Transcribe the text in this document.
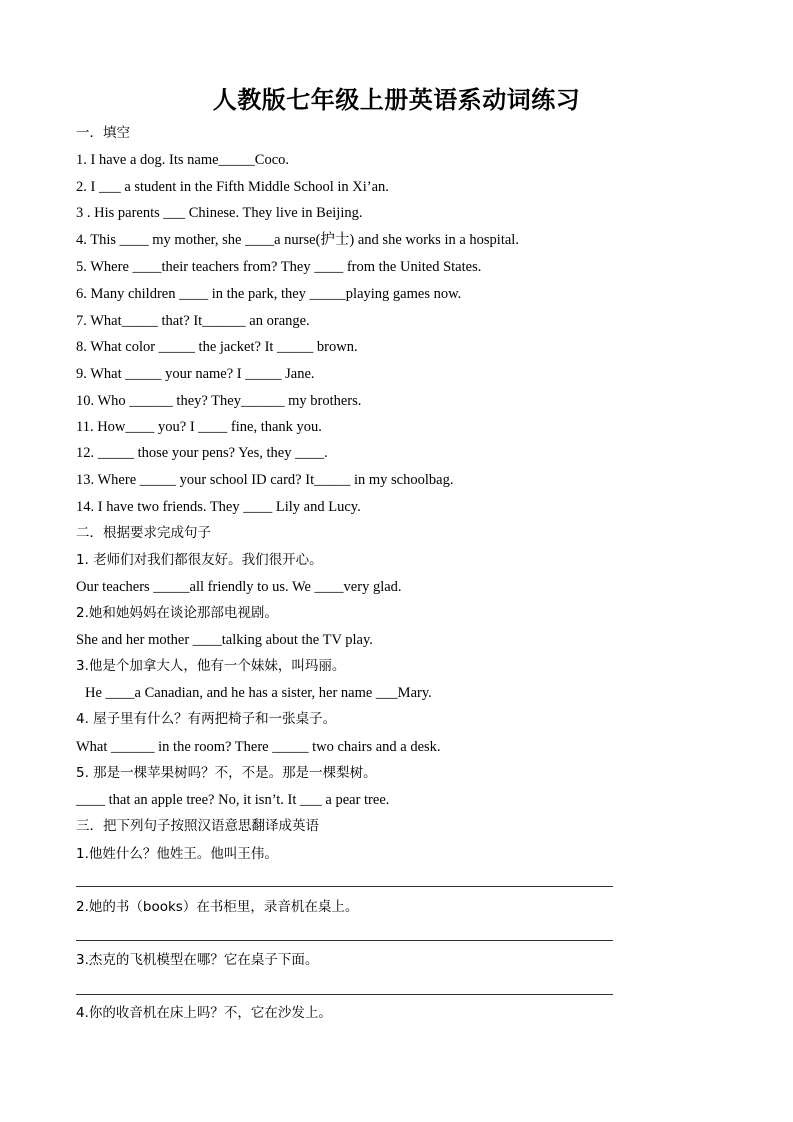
人教版七年级上册英语系动词练习
一．填空
1. I have a dog. Its name_____Coco.
2. I ___ a student in the Fifth Middle School in Xi’an.
3 . His parents ___ Chinese. They live in Beijing.
4. This ____ my mother, she ____a nurse(护士) and she works in a hospital.
5. Where ____their teachers from? They ____ from the United States.
6. Many children ____ in the park, they _____playing games now.
7. What_____ that? It______ an orange.
8. What color _____ the jacket? It _____ brown.
9. What _____ your name? I _____ Jane.
10. Who ______ they? They______ my brothers.
11. How____ you? I ____ fine, thank you.
12. _____ those your pens? Yes, they ____.
13. Where _____ your school ID card? It_____ in my schoolbag.
14. I have two friends. They ____ Lily and Lucy.
二．根据要求完成句子
1. 老师们对我们都很友好。我们很开心。
Our teachers _____all friendly to us. We ____very glad.
2.她和她妈妈在谈论那部电视剧。
She and her mother ____talking about the TV play.
3.他是个加拿大人，他有一个妹妹，叫玛丽。
He ____a Canadian, and he has a sister, her name ___Mary.
4. 屋子里有什么？有两把椅子和一张桌子。
What ______ in the room? There _____ two chairs and a desk.
5. 那是一棵苹果树吗？不，不是。那是一棵梨树。
____ that an apple tree? No, it isn’t. It ___ a pear tree.
三．把下列句子按照汉语意思翻译成英语
1.他姓什么？他姓王。他叫王伟。
2.她的书（books）在书柜里，录音机在桌上。
3.杰克的飞机模型在哪？它在桌子下面。
4.你的收音机在床上吗？不，它在沙发上。
